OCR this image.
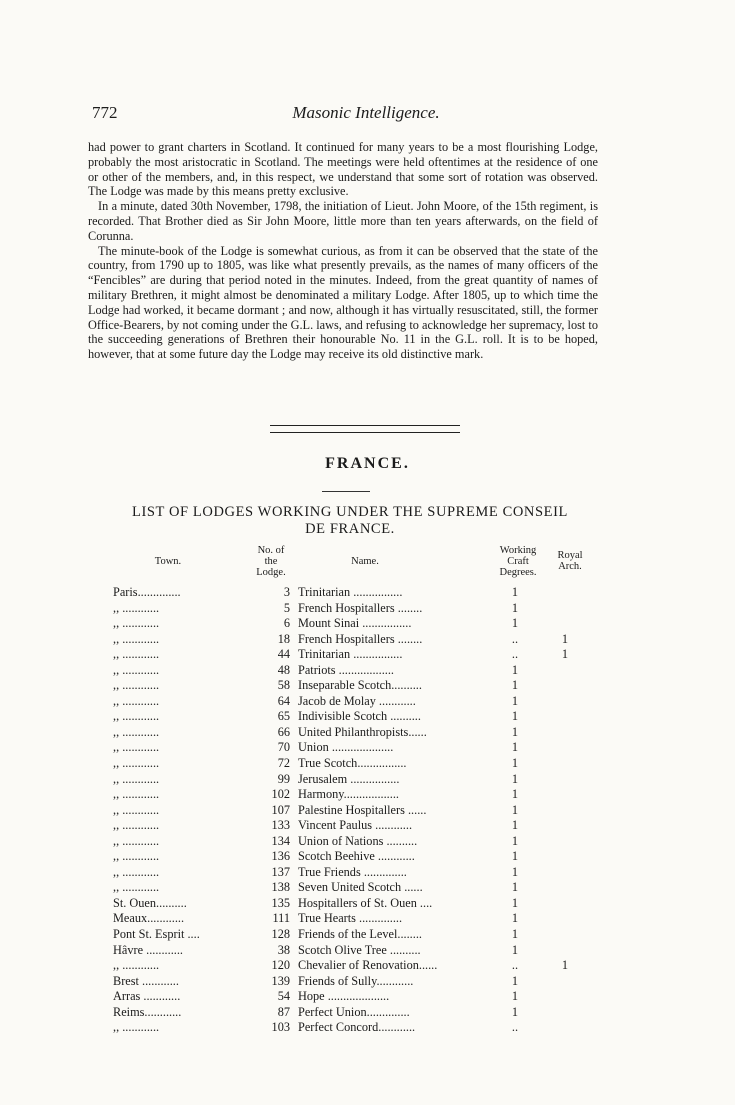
772	Masonic Intelligence.

had power to grant charters in Scotland. It continued for many years to be a most flourishing Lodge, probably the most aristocratic in Scotland. The meetings were held oftentimes at the residence of one or other of the members, and, in this respect, we understand that some sort of rotation was observed. The Lodge was made by this means pretty exclusive.

In a minute, dated 30th November, 1798, the initiation of Lieut. John Moore, of the 15th regiment, is recorded. That Brother died as Sir John Moore, little more than ten years afterwards, on the field of Corunna.

The minute-book of the Lodge is somewhat curious, as from it can be observed that the state of the country, from 1790 up to 1805, was like what presently prevails, as the names of many officers of the “Fencibles” are during that period noted in the minutes. Indeed, from the great quantity of names of military Brethren, it might almost be denominated a military Lodge. After 1805, up to which time the Lodge had worked, it became dormant ; and now, although it has virtually resuscitated, still, the former Office-Bearers, by not coming under the G.L. laws, and refusing to acknowledge her supremacy, lost to the succeeding generations of Brethren their honourable No. 11 in the G.L. roll. It is to be hoped, however, that at some future day the Lodge may receive its old distinctive mark.

FRANCE.
LIST OF LODGES WORKING UNDER THE SUPREME CONSEIL
DE FRANCE.
Town.
No. of
the
Lodge.
Name.
Working
Craft
Degrees.
Royal
Arch.
Paris..............	3 Trinitarian ................	1
,, ............	5 French Hospitallers ........	1
,, ............	6 Mount Sinai ................	1
,, ............	18 French Hospitallers ........	..	1
,, ............	44 Trinitarian ................	..	1
,, ............	48 Patriots ..................	1
,, ............	58 Inseparable Scotch..........	1
,, ............	64 Jacob de Molay ............	1
,, ............	65 Indivisible Scotch ..........	1
,, ............	66 United Philanthropists......	1
,, ............	70 Union ....................	1
,, ............	72 True Scotch................	1
,, ............	99 Jerusalem ................	1
,, ............	102 Harmony..................	1
,, ............	107 Palestine Hospitallers ......	1
,, ............	133 Vincent Paulus ............	1
,, ............	134 Union of Nations ..........	1
,, ............	136 Scotch Beehive ............	1
,, ............	137 True Friends ..............	1
,, ............	138 Seven United Scotch ......	1
St. Ouen..........	135 Hospitallers of St. Ouen ....	1
Meaux............	111 True Hearts ..............	1
Pont St. Esprit ....	128 Friends of the Level........	1
Hâvre ............	38 Scotch Olive Tree ..........	1
,, ............	120 Chevalier of Renovation......	..	1
Brest ............	139 Friends of Sully............	1
Arras ............	54 Hope ....................	1
Reims............	87 Perfect Union..............	1
,, ............	103 Perfect Concord............	..
